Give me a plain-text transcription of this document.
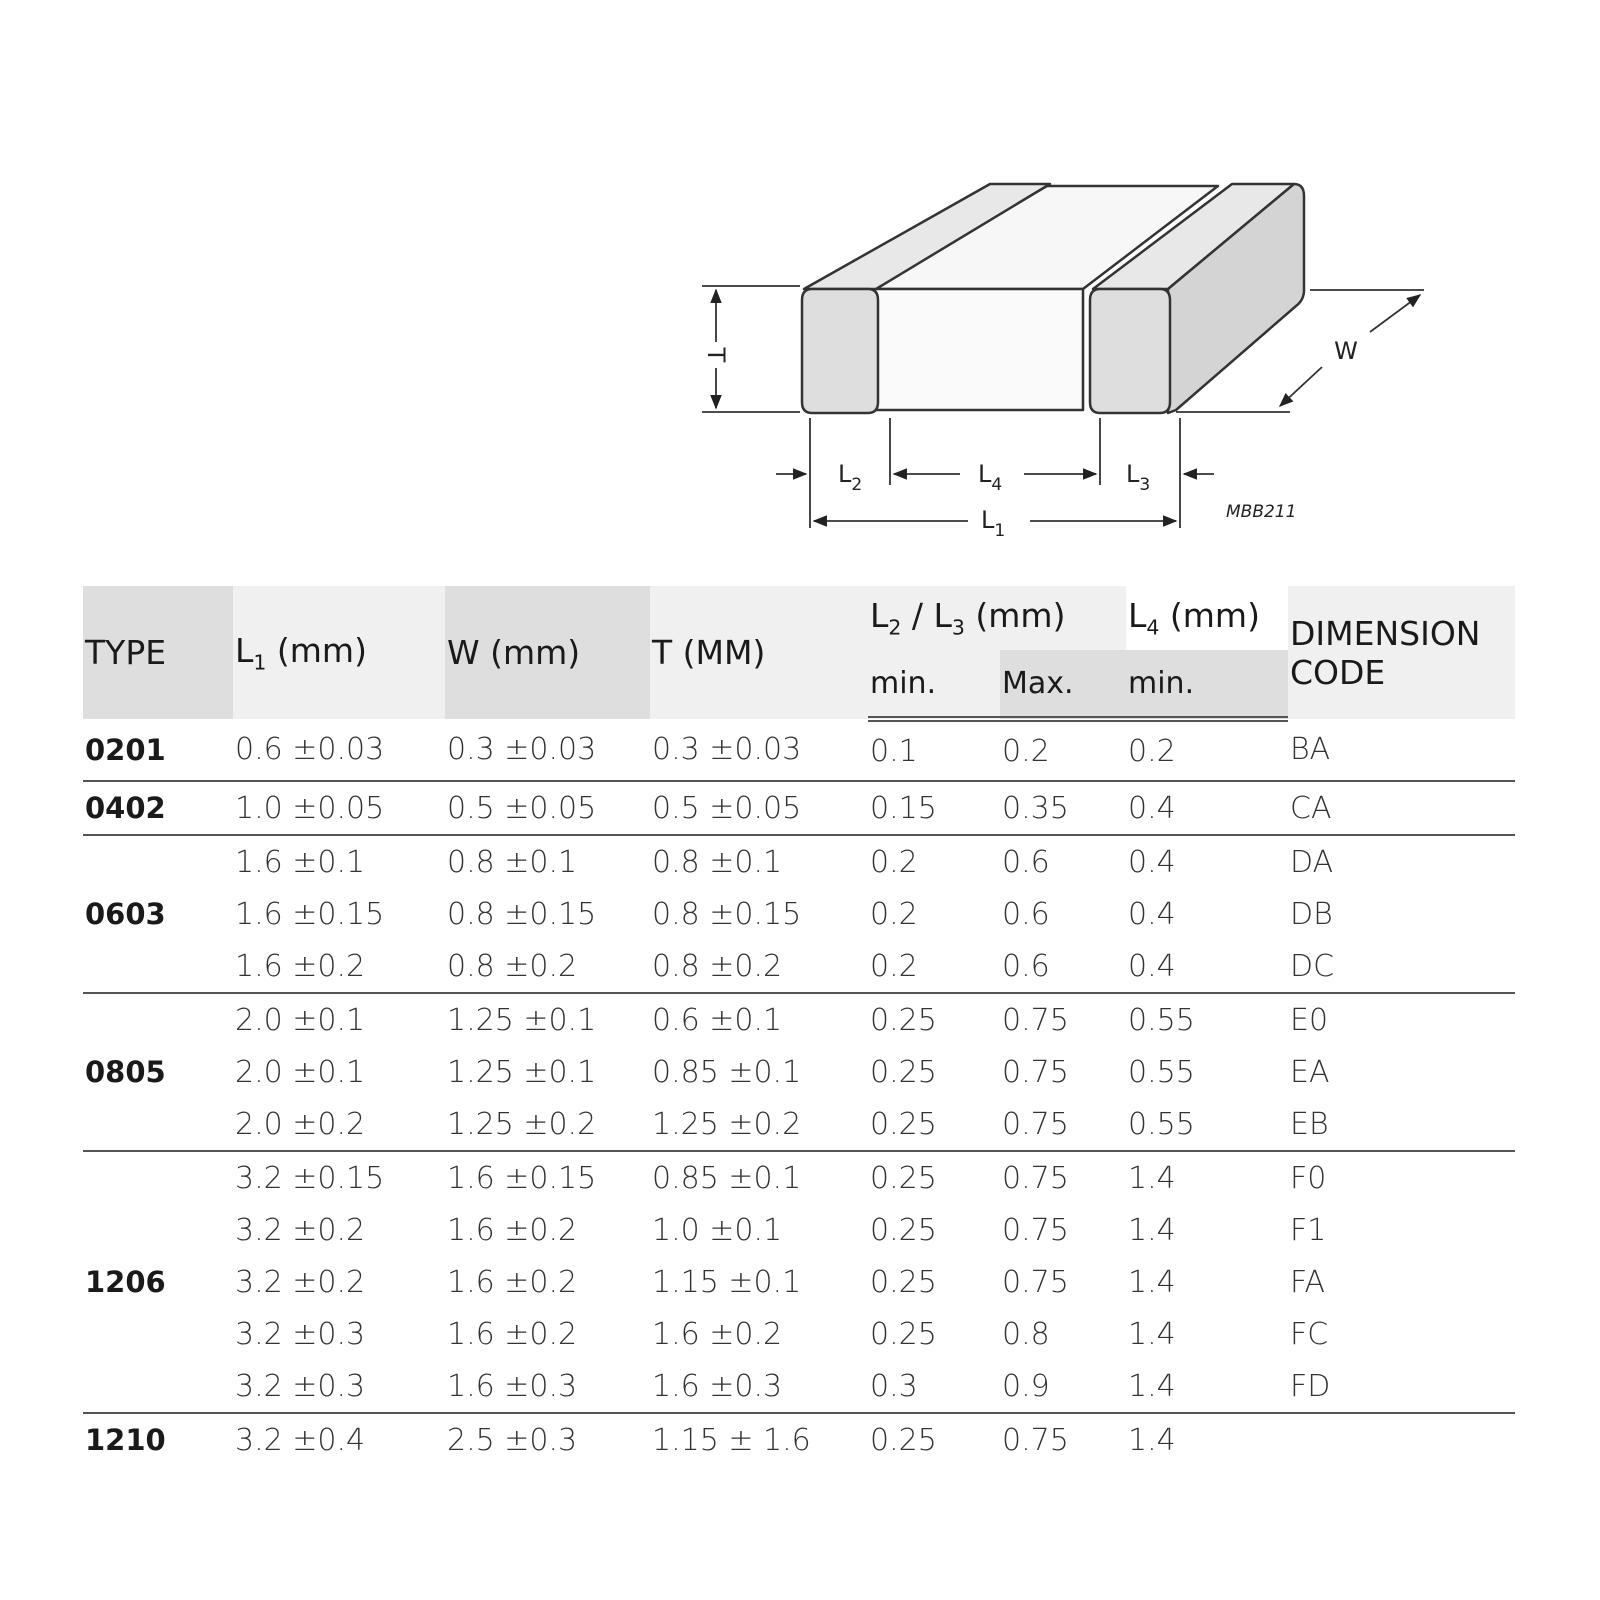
T	W
$L_2$	$L_4$	$L_3$
$L_1$
MBB211
TYPE	$L_1$ (mm)	W (mm)	T (MM)	$L_2 / L_3$ (mm)		$L_4$ (mm)	DIMENSION
CODE
				min.	Max.	min.	
0201	0.6 ±0.03	0.3 ±0.03	0.3 ±0.03	0.1	0.2	0.2	BA
0402	1.0 ±0.05	0.5 ±0.05	0.5 ±0.05	0.15	0.35	0.4	CA
0603	1.6 ±0.1	0.8 ±0.1	0.8 ±0.1	0.2	0.6	0.4	DA
	1.6 ±0.15	0.8 ±0.15	0.8 ±0.15	0.2	0.6	0.4	DB
	1.6 ±0.2	0.8 ±0.2	0.8 ±0.2	0.2	0.6	0.4	DC
0805	2.0 ±0.1	1.25 ±0.1	0.6 ±0.1	0.25	0.75	0.55	E0
	2.0 ±0.1	1.25 ±0.1	0.85 ±0.1	0.25	0.75	0.55	EA
	2.0 ±0.2	1.25 ±0.2	1.25 ±0.2	0.25	0.75	0.55	EB
1206	3.2 ±0.15	1.6 ±0.15	0.85 ±0.1	0.25	0.75	1.4	F0
	3.2 ±0.2	1.6 ±0.2	1.0 ±0.1	0.25	0.75	1.4	F1
	3.2 ±0.2	1.6 ±0.2	1.15 ±0.1	0.25	0.75	1.4	FA
	3.2 ±0.3	1.6 ±0.2	1.6 ±0.2	0.25	0.8	1.4	FC
	3.2 ±0.3	1.6 ±0.3	1.6 ±0.3	0.3	0.9	1.4	FD
1210	3.2 ±0.4	2.5 ±0.3	1.15 ± 1.6	0.25	0.75	1.4	
